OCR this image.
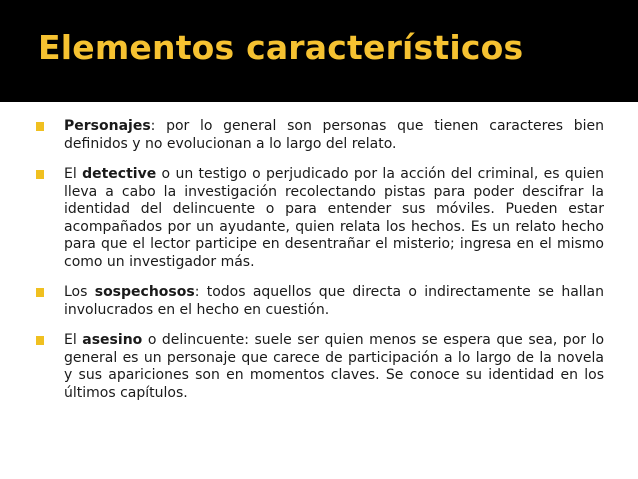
Elementos característicos

Personajes: por lo general son personas que tienen caracteres bien definidos y no evolucionan a lo largo del relato.

El detective o un testigo o perjudicado por la acción del criminal, es quien lleva a cabo la investigación recolectando pistas para poder descifrar la identidad del delincuente o para entender sus móviles. Pueden estar acompañados por un ayudante, quien relata los hechos. Es un relato hecho para que el lector participe en desentrañar el misterio; ingresa en el mismo como un investigador más.

Los sospechosos: todos aquellos que directa o indirectamente se hallan involucrados en el hecho en cuestión.

El asesino o delincuente: suele ser quien menos se espera que sea, por lo general es un personaje que carece de participación a lo largo de la novela y sus apariciones son en momentos claves. Se conoce su identidad en los últimos capítulos.
